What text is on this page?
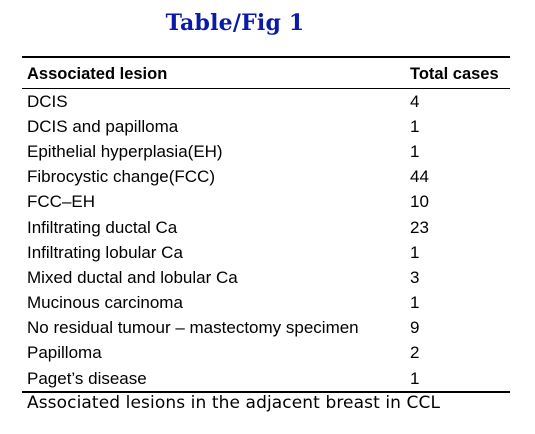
Table/Fig 1
Associated lesion	Total cases
DCIS	4
DCIS and papilloma	1
Epithelial hyperplasia(EH)	1
Fibrocystic change(FCC)	44
FCC–EH	10
Infiltrating ductal Ca	23
Infiltrating lobular Ca	1
Mixed ductal and lobular Ca	3
Mucinous carcinoma	1
No residual tumour – mastectomy specimen	9
Papilloma	2
Paget’s disease	1
Associated lesions in the adjacent breast in CCL
